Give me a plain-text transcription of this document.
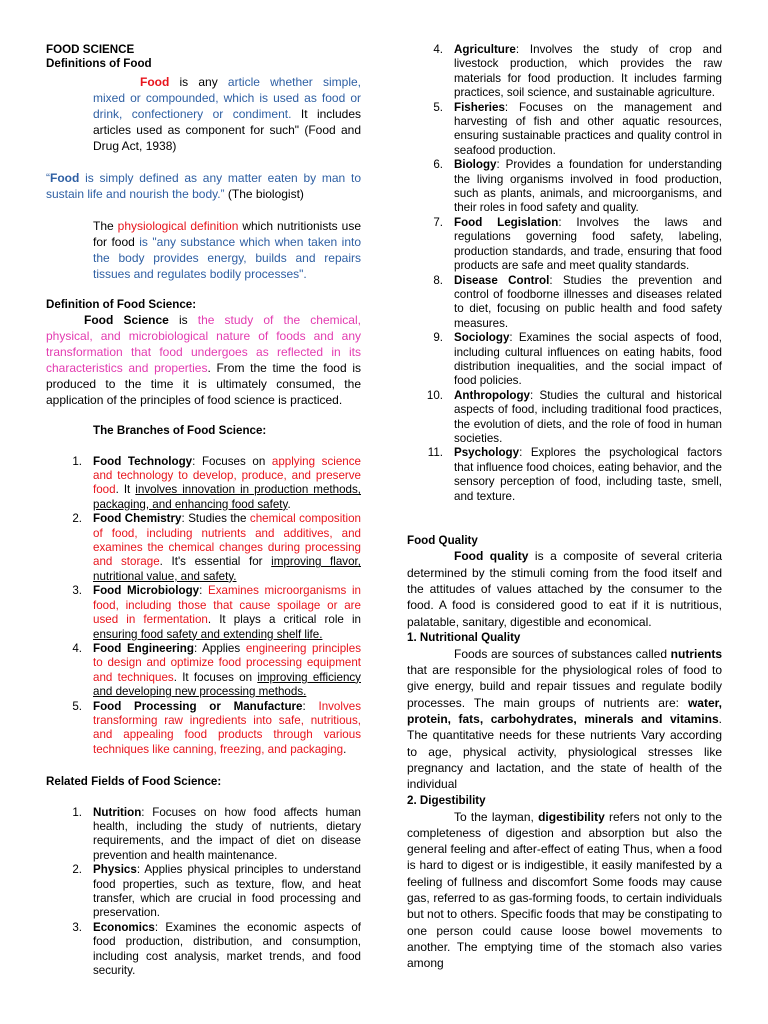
FOOD SCIENCE

Definitions of Food

Food is any article whether simple, mixed or compounded, which is used as food or drink, confectionery or condiment. It includes articles used as component for such" (Food and Drug Act, 1938)

“Food is simply defined as any matter eaten by man to sustain life and nourish the body.” (The biologist)

The physiological definition which nutritionists use for food is "any substance which when taken into the body provides energy, builds and repairs tissues and regulates bodily processes".

Definition of Food Science:

Food Science is the study of the chemical, physical, and microbiological nature of foods and any transformation that food undergoes as reflected in its characteristics and properties. From the time the food is produced to the time it is ultimately consumed, the application of the principles of food science is practiced.

The Branches of Food Science:

1. Food Technology: Focuses on applying science and technology to develop, produce, and preserve food. It involves innovation in production methods, packaging, and enhancing food safety.
2. Food Chemistry: Studies the chemical composition of food, including nutrients and additives, and examines the chemical changes during processing and storage. It's essential for improving flavor, nutritional value, and safety.
3. Food Microbiology: Examines microorganisms in food, including those that cause spoilage or are used in fermentation. It plays a critical role in ensuring food safety and extending shelf life.
4. Food Engineering: Applies engineering principles to design and optimize food processing equipment and techniques. It focuses on improving efficiency and developing new processing methods.
5. Food Processing or Manufacture: Involves transforming raw ingredients into safe, nutritious, and appealing food products through various techniques like canning, freezing, and packaging.

Related Fields of Food Science:

1. Nutrition: Focuses on how food affects human health, including the study of nutrients, dietary requirements, and the impact of diet on disease prevention and health maintenance.
2. Physics: Applies physical principles to understand food properties, such as texture, flow, and heat transfer, which are crucial in food processing and preservation.
3. Economics: Examines the economic aspects of food production, distribution, and consumption, including cost analysis, market trends, and food security.
4. Agriculture: Involves the study of crop and livestock production, which provides the raw materials for food production. It includes farming practices, soil science, and sustainable agriculture.
5. Fisheries: Focuses on the management and harvesting of fish and other aquatic resources, ensuring sustainable practices and quality control in seafood production.
6. Biology: Provides a foundation for understanding the living organisms involved in food production, such as plants, animals, and microorganisms, and their roles in food safety and quality.
7. Food Legislation: Involves the laws and regulations governing food safety, labeling, production standards, and trade, ensuring that food products are safe and meet quality standards.
8. Disease Control: Studies the prevention and control of foodborne illnesses and diseases related to diet, focusing on public health and food safety measures.
9. Sociology: Examines the social aspects of food, including cultural influences on eating habits, food distribution inequalities, and the social impact of food policies.
10. Anthropology: Studies the cultural and historical aspects of food, including traditional food practices, the evolution of diets, and the role of food in human societies.
11. Psychology: Explores the psychological factors that influence food choices, eating behavior, and the sensory perception of food, including taste, smell, and texture.

Food Quality

Food quality is a composite of several criteria determined by the stimuli coming from the food itself and the attitudes of values attached by the consumer to the food. A food is considered good to eat if it is nutritious, palatable, sanitary, digestible and economical.

1. Nutritional Quality

Foods are sources of substances called nutrients that are responsible for the physiological roles of food to give energy, build and repair tissues and regulate bodily processes. The main groups of nutrients are: water, protein, fats, carbohydrates, minerals and vitamins. The quantitative needs for these nutrients Vary according to age, physical activity, physiological stresses like pregnancy and lactation, and the state of health of the individual

2. Digestibility

To the layman, digestibility refers not only to the completeness of digestion and absorption but also the general feeling and after-effect of eating Thus, when a food is hard to digest or is indigestible, it easily manifested by a feeling of fullness and discomfort Some foods may cause gas, referred to as gas-forming foods, to certain individuals but not to others. Specific foods that may be constipating to one person could cause loose bowel movements to another. The emptying time of the stomach also varies among
